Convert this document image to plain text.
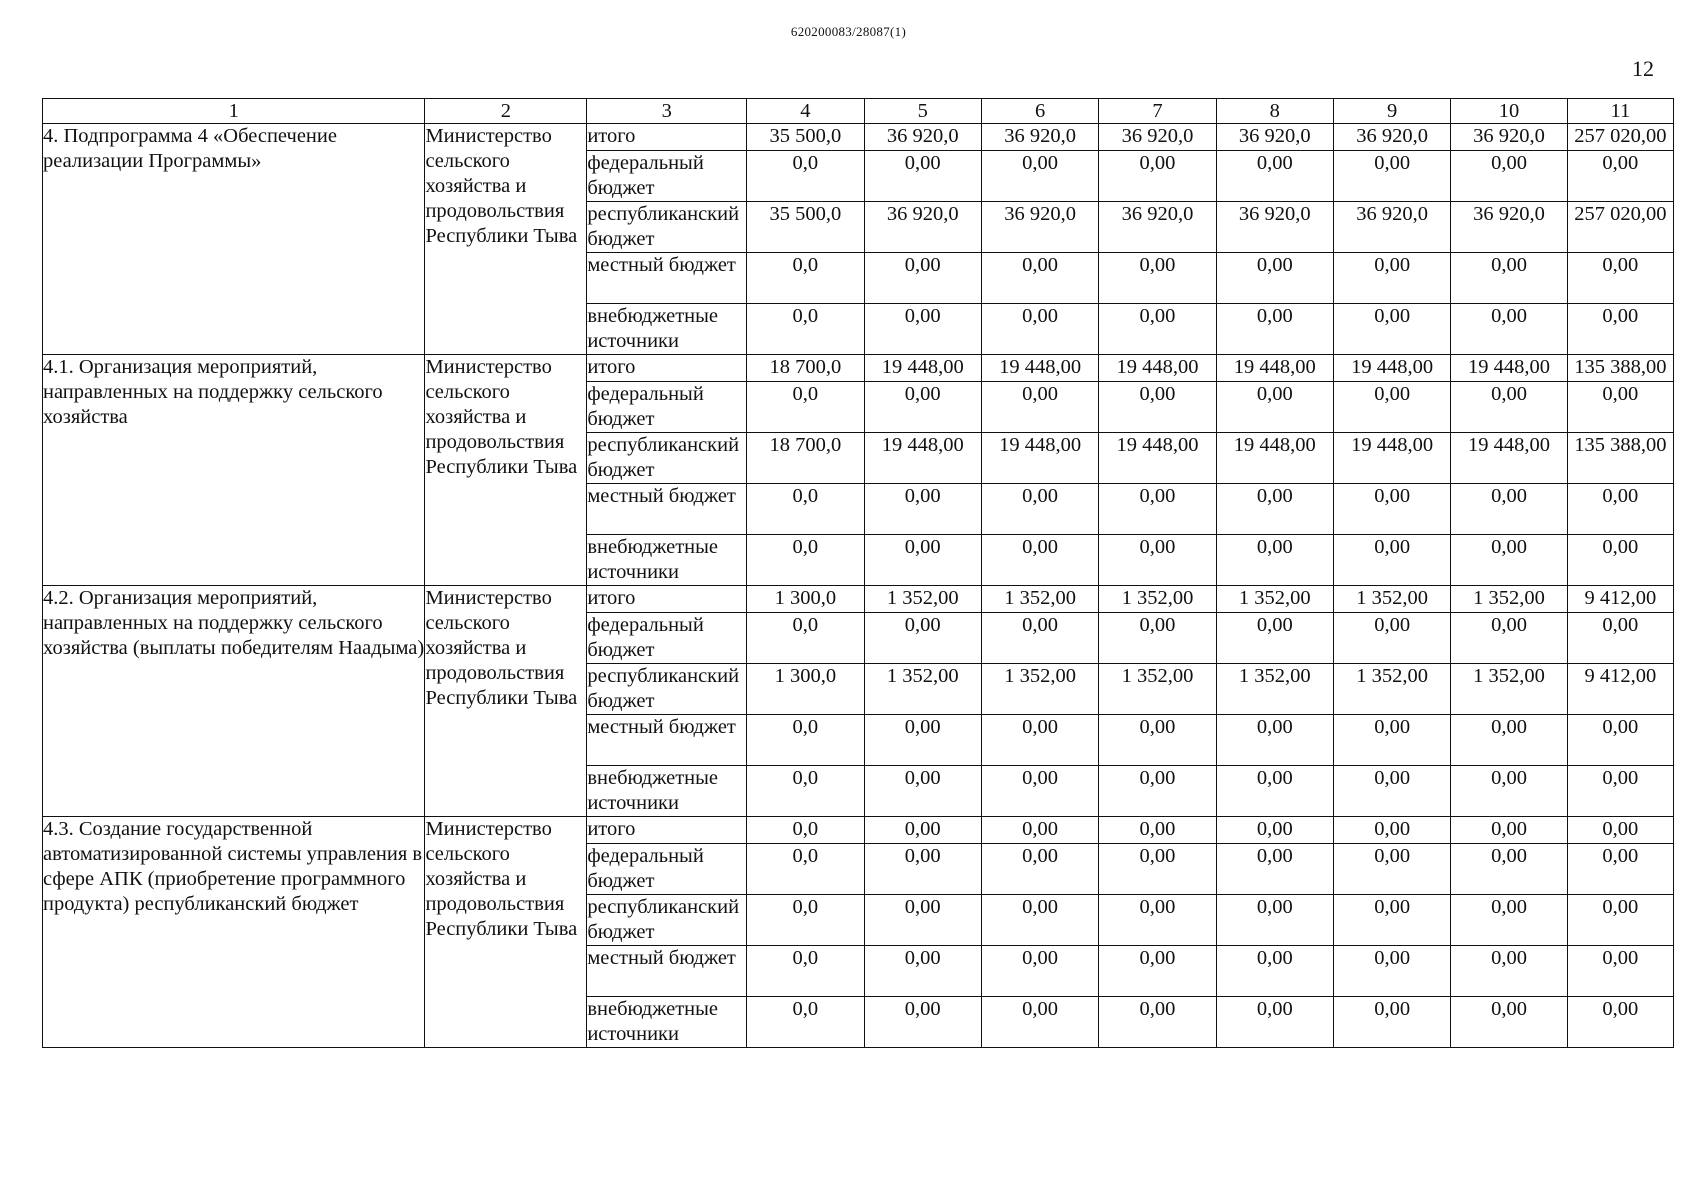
620200083/28087(1)
12
1	2	3	4	5	6	7	8	9	10	11
4. Подпрограмма 4 «Обеспечение реализации Программы»	Министерство сельского хозяйства и продовольствия Республики Тыва	итого	35 500,0	36 920,0	36 920,0	36 920,0	36 920,0	36 920,0	36 920,0	257 020,00
		федеральный бюджет	0,0	0,00	0,00	0,00	0,00	0,00	0,00	0,00
		республиканский бюджет	35 500,0	36 920,0	36 920,0	36 920,0	36 920,0	36 920,0	36 920,0	257 020,00
		местный бюджет	0,0	0,00	0,00	0,00	0,00	0,00	0,00	0,00
		внебюджетные источники	0,0	0,00	0,00	0,00	0,00	0,00	0,00	0,00
4.1. Организация мероприятий, направленных на поддержку сельского хозяйства	Министерство сельского хозяйства и продовольствия Республики Тыва	итого	18 700,0	19 448,00	19 448,00	19 448,00	19 448,00	19 448,00	19 448,00	135 388,00
		федеральный бюджет	0,0	0,00	0,00	0,00	0,00	0,00	0,00	0,00
		республиканский бюджет	18 700,0	19 448,00	19 448,00	19 448,00	19 448,00	19 448,00	19 448,00	135 388,00
		местный бюджет	0,0	0,00	0,00	0,00	0,00	0,00	0,00	0,00
		внебюджетные источники	0,0	0,00	0,00	0,00	0,00	0,00	0,00	0,00
4.2. Организация мероприятий, направленных на поддержку сельского хозяйства (выплаты победителям Наадыма)	Министерство сельского хозяйства и продовольствия Республики Тыва	итого	1 300,0	1 352,00	1 352,00	1 352,00	1 352,00	1 352,00	1 352,00	9 412,00
		федеральный бюджет	0,0	0,00	0,00	0,00	0,00	0,00	0,00	0,00
		республиканский бюджет	1 300,0	1 352,00	1 352,00	1 352,00	1 352,00	1 352,00	1 352,00	9 412,00
		местный бюджет	0,0	0,00	0,00	0,00	0,00	0,00	0,00	0,00
		внебюджетные источники	0,0	0,00	0,00	0,00	0,00	0,00	0,00	0,00
4.3. Создание государственной автоматизированной системы управления в сфере АПК (приобретение программного продукта) республиканский бюджет	Министерство сельского хозяйства и продовольствия Республики Тыва	итого	0,0	0,00	0,00	0,00	0,00	0,00	0,00	0,00
		федеральный бюджет	0,0	0,00	0,00	0,00	0,00	0,00	0,00	0,00
		республиканский бюджет	0,0	0,00	0,00	0,00	0,00	0,00	0,00	0,00
		местный бюджет	0,0	0,00	0,00	0,00	0,00	0,00	0,00	0,00
		внебюджетные источники	0,0	0,00	0,00	0,00	0,00	0,00	0,00	0,00
